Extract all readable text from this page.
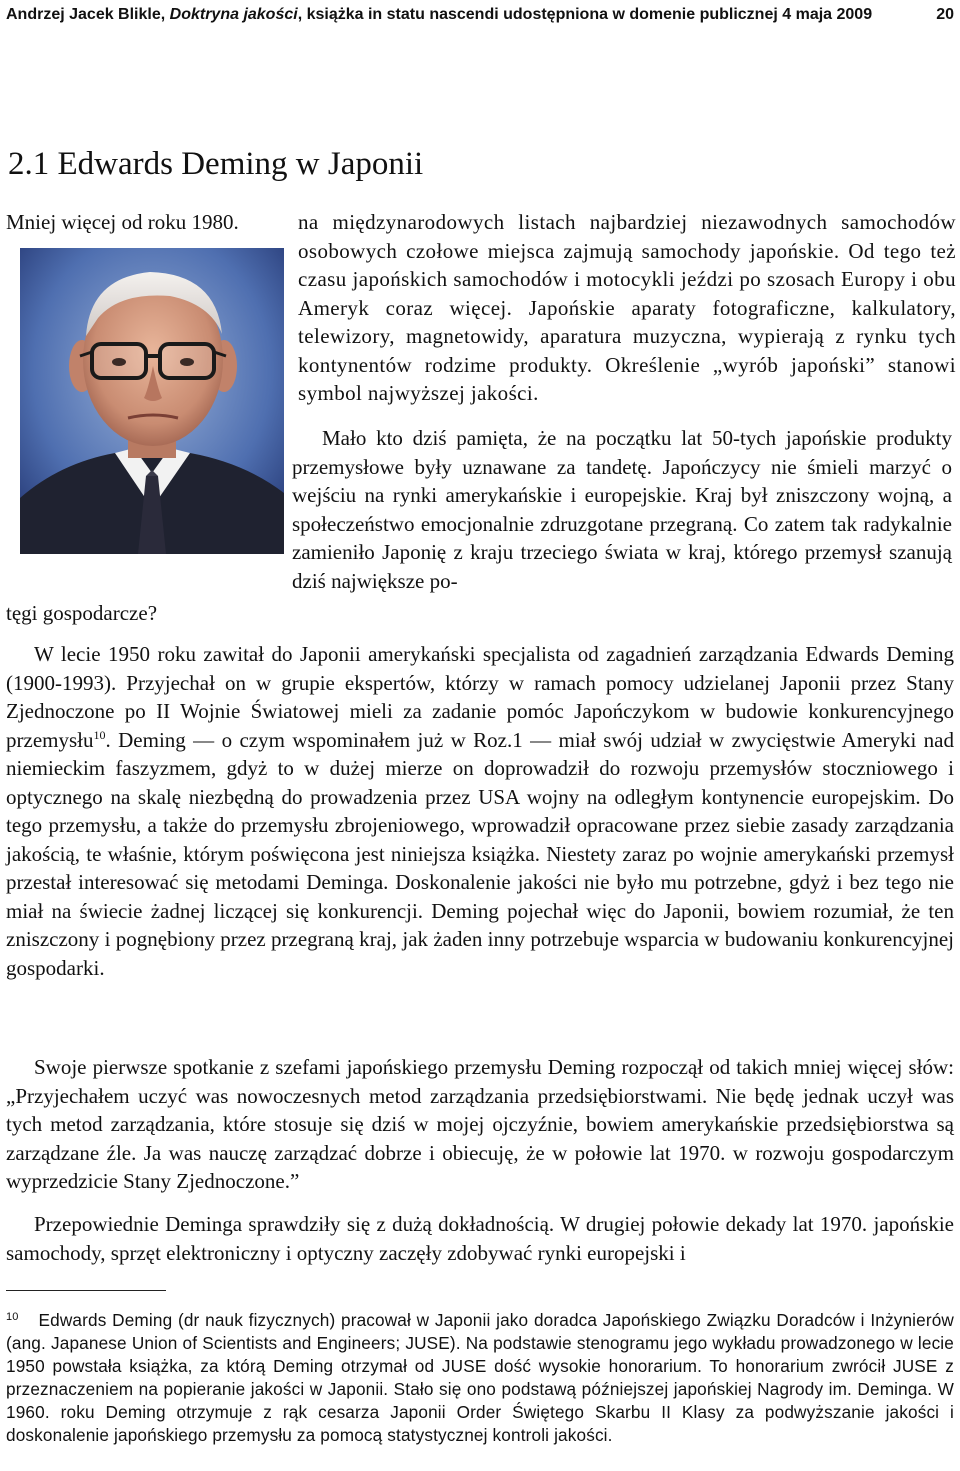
Andrzej Jacek Blikle, Doktryna jakości, książka in statu nascendi udostępniona w domenie publicznej 4 maja 2009	20
2.1 Edwards Deming w Japonii
Mniej więcej od roku 1980.	na międzynarodowych listach najbardziej niezawodnych samochodów osobowych czołowe miejsca zajmują samochody japońskie. Od tego też czasu japońskich samochodów i motocykli jeździ po szosach Europy i obu Ameryk coraz więcej. Japońskie aparaty fotograficzne, kalkulatory, telewizory, magnetowidy, aparatura muzyczna, wypierają z rynku tych kontynentów rodzime produkty. Określenie „wyrób japoński” stanowi symbol najwyższej jakości.
tęgi gospodarcze?

Mało kto dziś pamięta, że na początku lat 50-tych japońskie produkty przemysłowe były uznawane za tandetę. Japończycy nie śmieli marzyć o wejściu na rynki amerykańskie i europejskie. Kraj był zniszczony wojną, a społeczeństwo emocjonalnie zdruzgotane przegraną. Co zatem tak radykalnie zamieniło Japonię z kraju trzeciego świata w kraj, którego przemysł szanują dziś największe po-

W lecie 1950 roku zawitał do Japonii amerykański specjalista od zagadnień zarządzania Edwards Deming (1900-1993). Przyjechał on w grupie ekspertów, którzy w ramach pomocy udzielanej Japonii przez Stany Zjednoczone po II Wojnie Światowej mieli za zadanie pomóc Japończykom w budowie konkurencyjnego przemysłu$^{10}$. Deming — o czym wspominałem już w Roz.1 — miał swój udział w zwycięstwie Ameryki nad niemieckim faszyzmem, gdyż to w dużej mierze on doprowadził do rozwoju przemysłów stoczniowego i optycznego na skalę niezbędną do prowadzenia przez USA wojny na odległym kontynencie europejskim. Do tego przemysłu, a także do przemysłu zbrojeniowego, wprowadził opracowane przez siebie zasady zarządzania jakością, te właśnie, którym poświęcona jest niniejsza książka. Niestety zaraz po wojnie amerykański przemysł przestał interesować się metodami Deminga. Doskonalenie jakości nie było mu potrzebne, gdyż i bez tego nie miał na świecie żadnej liczącej się konkurencji. Deming pojechał więc do Japonii, bowiem rozumiał, że ten zniszczony i pognębiony przez przegraną kraj, jak żaden inny potrzebuje wsparcia w budowaniu konkurencyjnej gospodarki.

Swoje pierwsze spotkanie z szefami japońskiego przemysłu Deming rozpoczął od takich mniej więcej słów: „Przyjechałem uczyć was nowoczesnych metod zarządzania przedsiębiorstwami. Nie będę jednak uczył was tych metod zarządzania, które stosuje się dziś w mojej ojczyźnie, bowiem amerykańskie przedsiębiorstwa są zarządzane źle. Ja was nauczę zarządzać dobrze i obiecuję, że w połowie lat 1970. w rozwoju gospodarczym wyprzedzicie Stany Zjednoczone.”

Przepowiednie Deminga sprawdziły się z dużą dokładnością. W drugiej połowie dekady lat 1970. japońskie samochody, sprzęt elektroniczny i optyczny zaczęły zdobywać rynki europejski i

$^{10}$ Edwards Deming (dr nauk fizycznych) pracował w Japonii jako doradca Japońskiego Związku Doradców i Inżynierów (ang. Japanese Union of Scientists and Engineers; JUSE). Na podstawie stenogramu jego wykładu prowadzonego w lecie 1950 powstała książka, za którą Deming otrzymał od JUSE dość wysokie honorarium. To honorarium zwrócił JUSE z przeznaczeniem na popieranie jakości w Japonii. Stało się ono podstawą późniejszej japońskiej Nagrody im. Deminga. W 1960. roku Deming otrzymuje z rąk cesarza Japonii Order Świętego Skarbu II Klasy za podwyższanie jakości i doskonalenie japońskiego przemysłu za pomocą statystycznej kontroli jakości.
